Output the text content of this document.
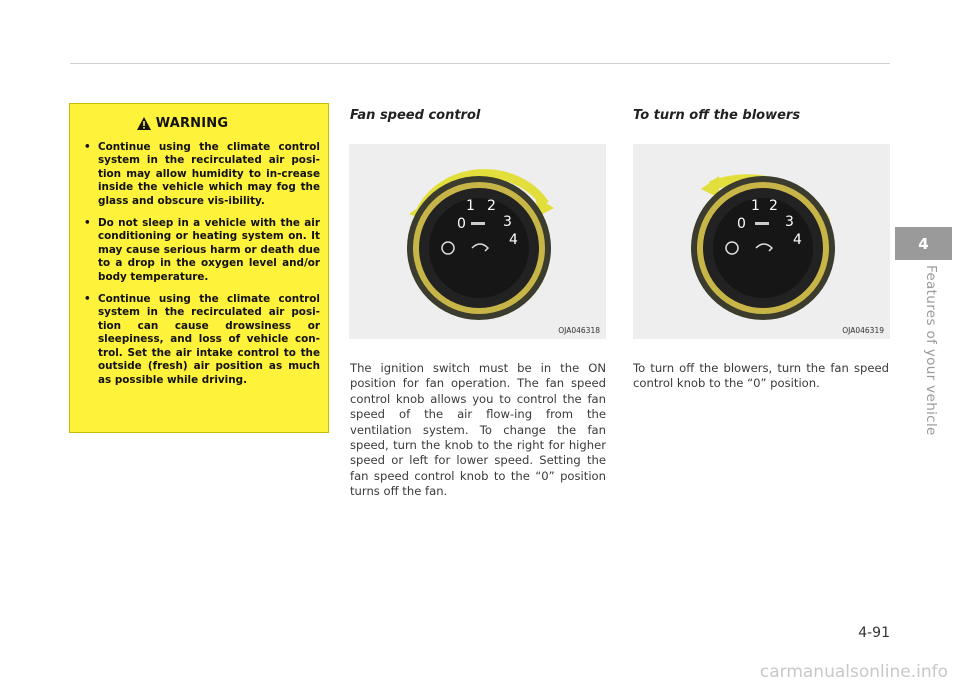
WARNING
• Continue using the climate control system in the recirculated air posi-tion may allow humidity to in-crease inside the vehicle which may fog the glass and obscure vis-ibility.
• Do not sleep in a vehicle with the air conditioning or heating system on. It may cause serious harm or death due to a drop in the oxygen level and/or body temperature.
• Continue using the climate control system in the recirculated air posi-tion can cause drowsiness or sleepiness, and loss of vehicle con-trol. Set the air intake control to the outside (fresh) air position as much as possible while driving.
Fan speed control	To turn off the blowers
0
1 2
3
4
OJA046318
0
1 2
3
4
OJA046319
The ignition switch must be in the ON position for fan operation. The fan speed control knob allows you to control the fan speed of the air flow-ing from the ventilation system. To change the fan speed, turn the knob to the right for higher speed or left for lower speed. Setting the fan speed control knob to the “0” position turns off the fan.
To turn off the blowers, turn the fan speed control knob to the “0” position.
4
Features of your vehicle
4-91
carmanualsonline.info
